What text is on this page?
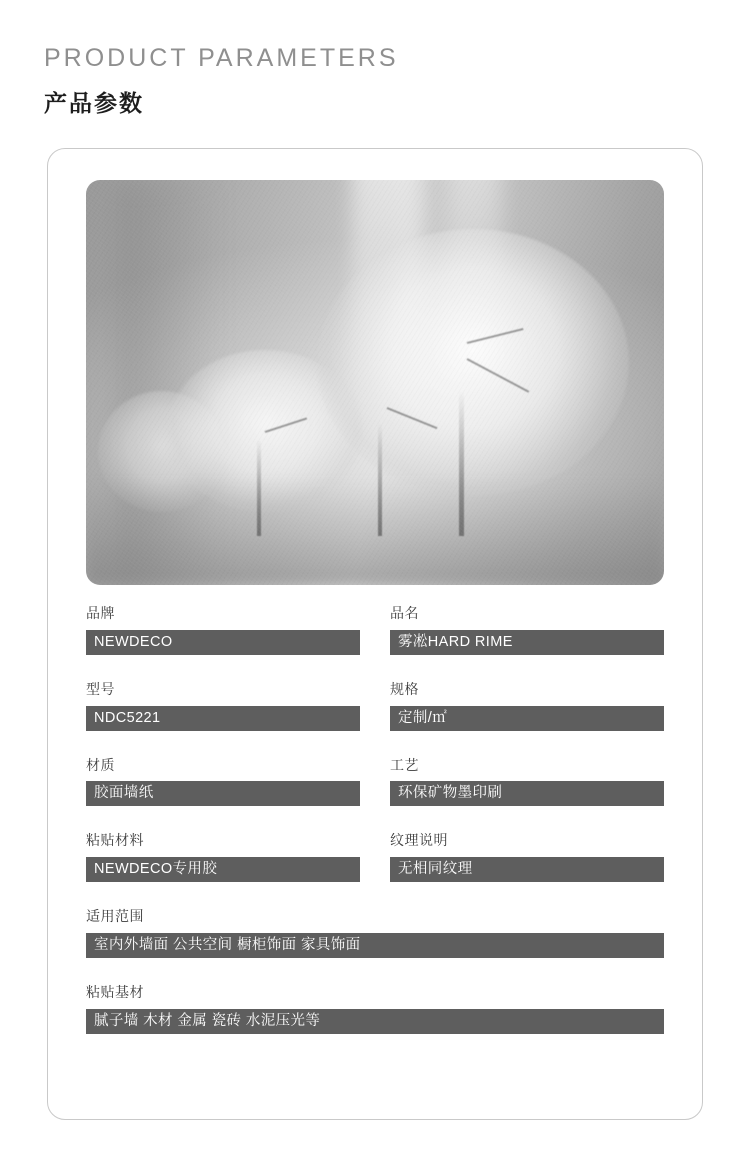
PRODUCT PARAMETERS
产品参数
品牌
NEWDECO
品名
雾凇HARD RIME
型号
NDC5221
规格
定制/㎡
材质
胶面墙纸
工艺
环保矿物墨印刷
粘贴材料
NEWDECO专用胶
纹理说明
无相同纹理
适用范围
室内外墙面 公共空间 橱柜饰面 家具饰面
粘贴基材
腻子墙 木材 金属 瓷砖 水泥压光等
